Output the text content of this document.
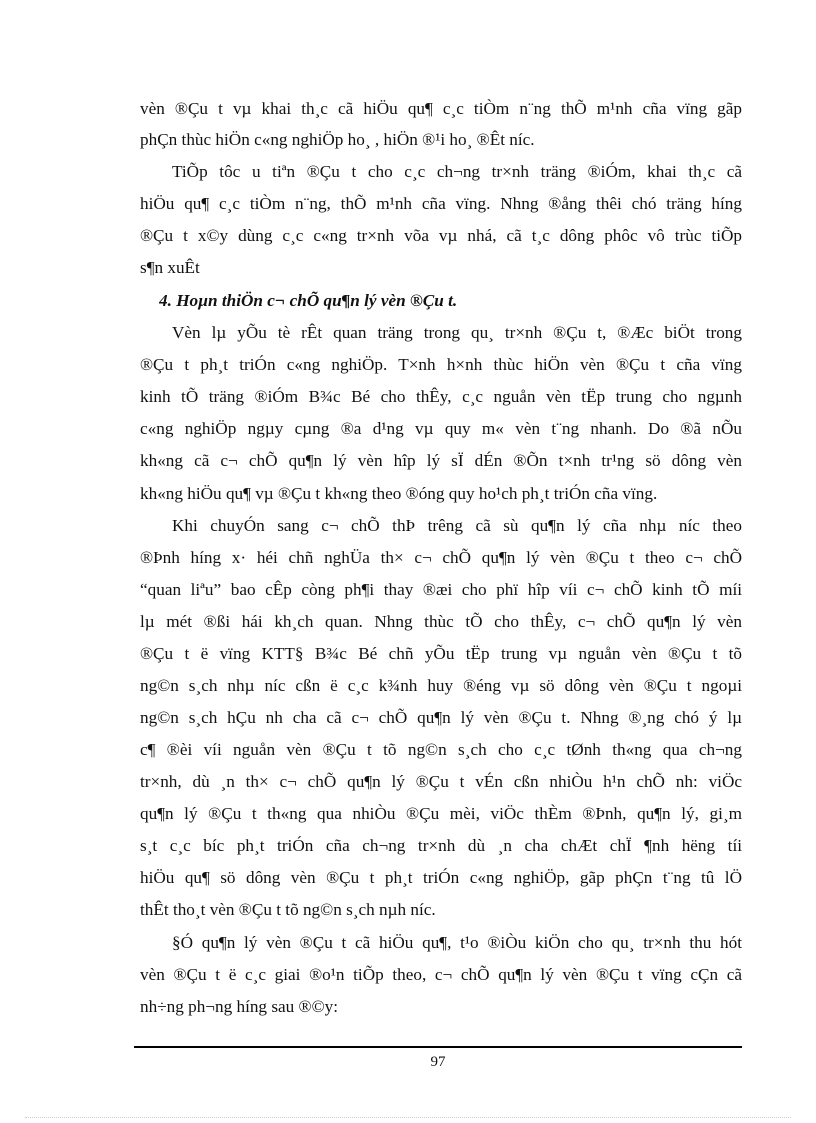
vèn ®Çu t vµ khai th¸c cã hiÖu qu¶ c¸c tiÒm n¨ng thÕ m¹nh cña vïng gãp
phÇn thùc hiÖn c«ng nghiÖp ho¸ , hiÖn ®¹i ho¸ ®Êt níc.
TiÕp tôc u tiªn ®Çu t cho c¸c ch¬ng tr×nh träng ®iÓm, khai th¸c cã
hiÖu qu¶ c¸c tiÒm n¨ng, thÕ m¹nh cña vïng. Nhng ®ång thêi chó träng híng
®Çu t x©y dùng c¸c c«ng tr×nh võa vµ nhá, cã t¸c dông phôc vô trùc tiÕp
s¶n xuÊt
4. Hoµn thiÖn c¬ chÕ qu¶n lý vèn ®Çu t.
Vèn lµ yÕu tè rÊt quan träng trong qu¸ tr×nh ®Çu t, ®Æc biÖt trong
®Çu t ph¸t triÓn c«ng nghiÖp. T×nh h×nh thùc hiÖn vèn ®Çu t cña vïng
kinh tÕ träng ®iÓm B¾c Bé cho thÊy, c¸c nguån vèn tËp trung cho ngµnh
c«ng nghiÖp ngµy cµng ®a d¹ng vµ quy m« vèn t¨ng nhanh. Do ®ã nÕu
kh«ng cã c¬ chÕ qu¶n lý vèn hîp lý sÏ dÉn ®Õn t×nh tr¹ng sö dông vèn
kh«ng hiÖu qu¶ vµ ®Çu t kh«ng theo ®óng quy ho¹ch ph¸t triÓn cña vïng.
Khi chuyÓn sang c¬ chÕ thÞ trêng cã sù qu¶n lý cña nhµ níc theo
®Þnh híng x· héi chñ nghÜa th× c¬ chÕ qu¶n lý vèn ®Çu t theo c¬ chÕ
“quan liªu” bao cÊp còng ph¶i thay ®æi cho phï hîp víi c¬ chÕ kinh tÕ míi
lµ mét ®ßi hái kh¸ch quan. Nhng thùc tÕ cho thÊy, c¬ chÕ qu¶n lý vèn
®Çu t ë vïng KTT§ B¾c Bé chñ yÕu tËp trung vµ nguån vèn ®Çu t tõ
ng©n s¸ch nhµ níc cßn ë c¸c k¾nh huy ®éng vµ sö dông vèn ®Çu t ngoµi
ng©n s¸ch hÇu nh cha cã c¬ chÕ qu¶n lý vèn ®Çu t. Nhng ®¸ng chó ý lµ
c¶ ®èi víi nguån vèn ®Çu t tõ ng©n s¸ch cho c¸c tØnh th«ng qua ch¬ng
tr×nh, dù ¸n th× c¬ chÕ qu¶n lý ®Çu t vÉn cßn nhiÒu h¹n chÕ nh: viÖc
qu¶n lý ®Çu t th«ng qua nhiÒu ®Çu mèi, viÖc thÈm ®Þnh, qu¶n lý, gi¸m
s¸t c¸c bíc ph¸t triÓn cña ch¬ng tr×nh dù ¸n cha chÆt chÏ ¶nh hëng tíi
hiÖu qu¶ sö dông vèn ®Çu t ph¸t triÓn c«ng nghiÖp, gãp phÇn t¨ng tû lÖ
thÊt tho¸t vèn ®Çu t tõ ng©n s¸ch nµh níc.
§Ó qu¶n lý vèn ®Çu t cã hiÖu qu¶, t¹o ®iÒu kiÖn cho qu¸ tr×nh thu hót
vèn ®Çu t ë c¸c giai ®o¹n tiÕp theo, c¬ chÕ qu¶n lý vèn ®Çu t vïng cÇn cã
nh÷ng ph¬ng híng sau ®©y:
97
